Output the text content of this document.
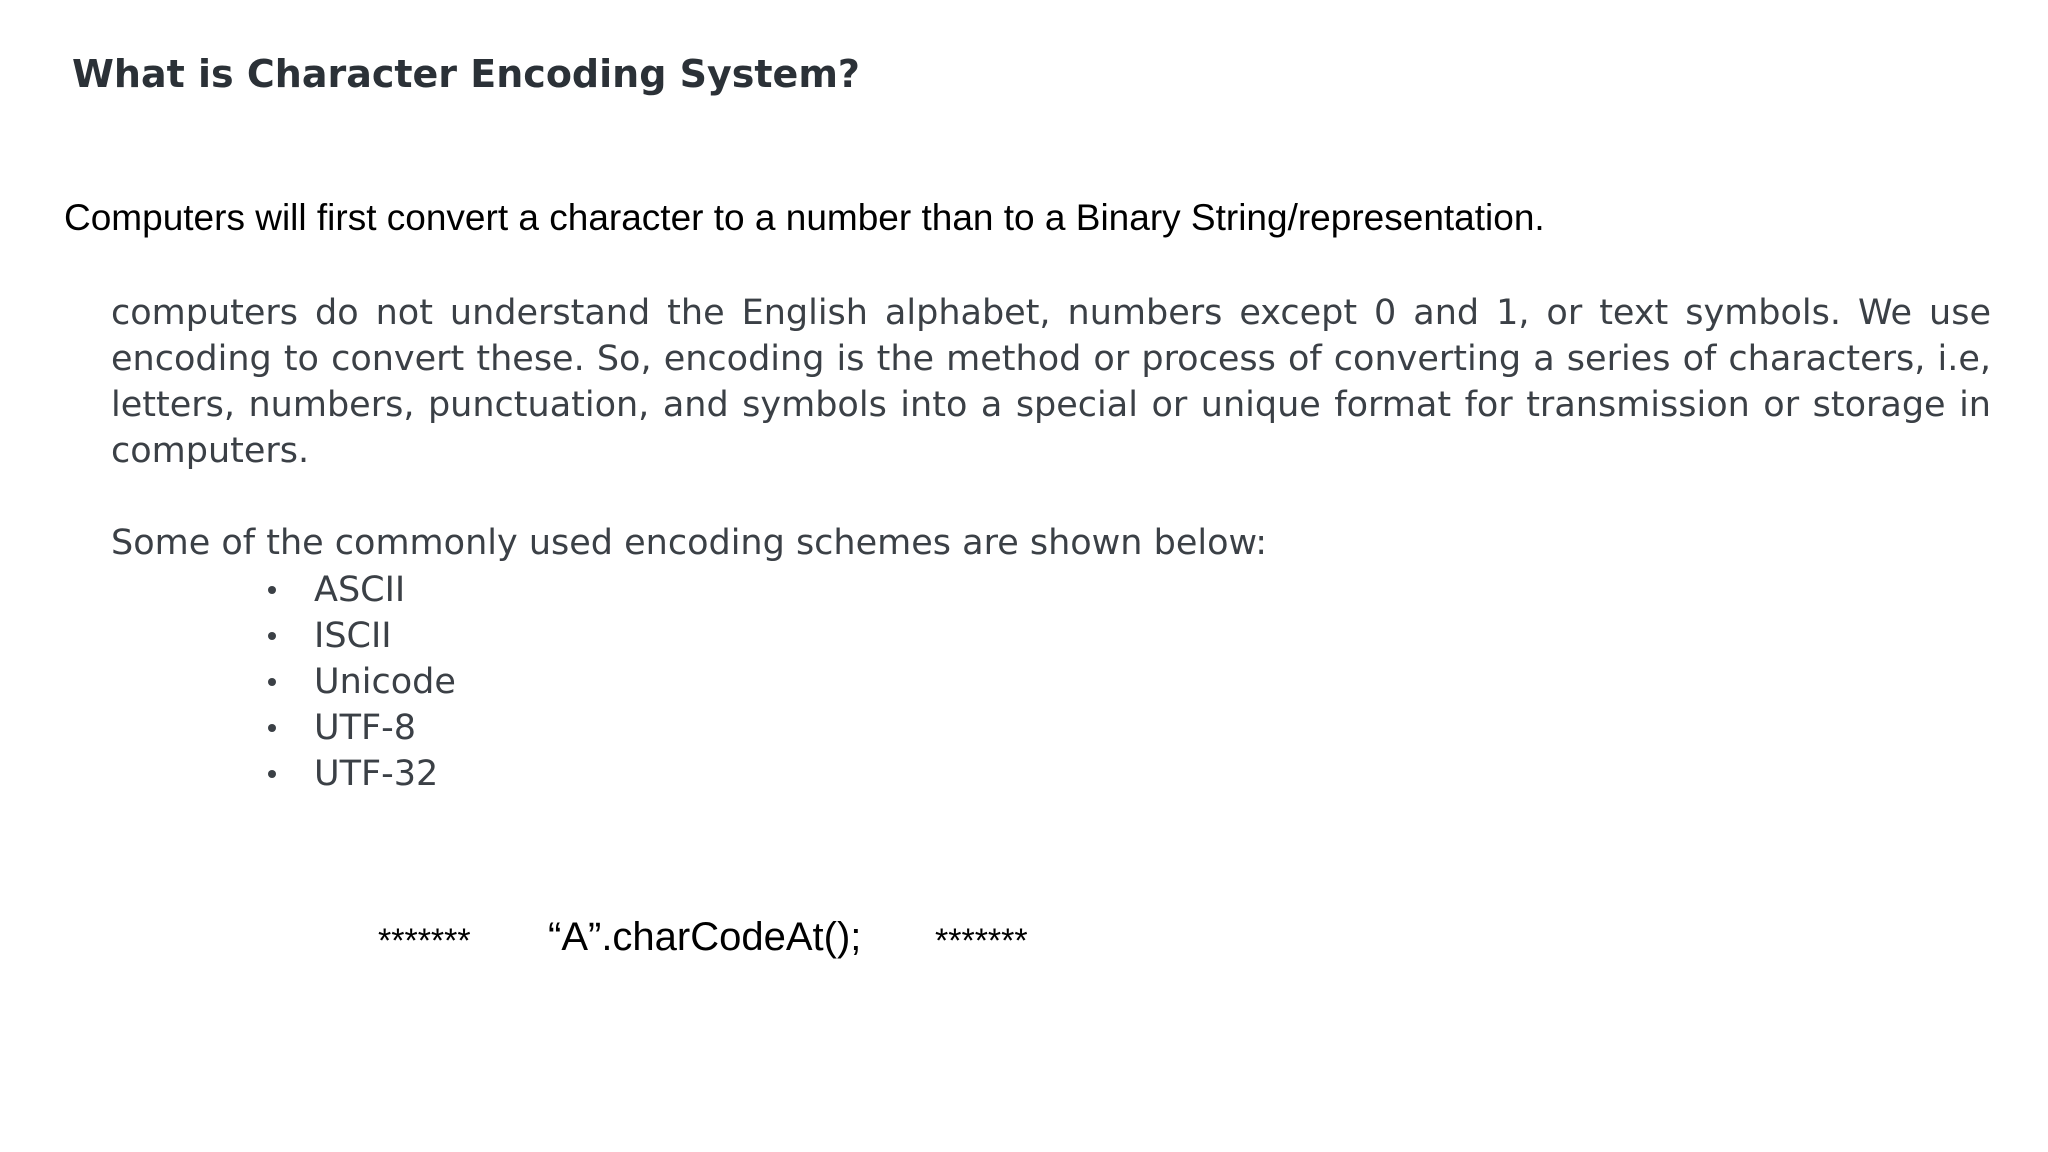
What is Character Encoding System?
Computers will first convert a character to a number than to a Binary String/representation.

computers do not understand the English alphabet, numbers except 0 and 1, or text symbols. We use encoding to convert these. So, encoding is the method or process of converting a series of characters, i.e, letters, numbers, punctuation, and symbols into a special or unique format for transmission or storage in computers.

Some of the commonly used encoding schemes are shown below:
ASCII
ISCII
Unicode
UTF-8
UTF-32
******* “A”.charCodeAt(); *******
